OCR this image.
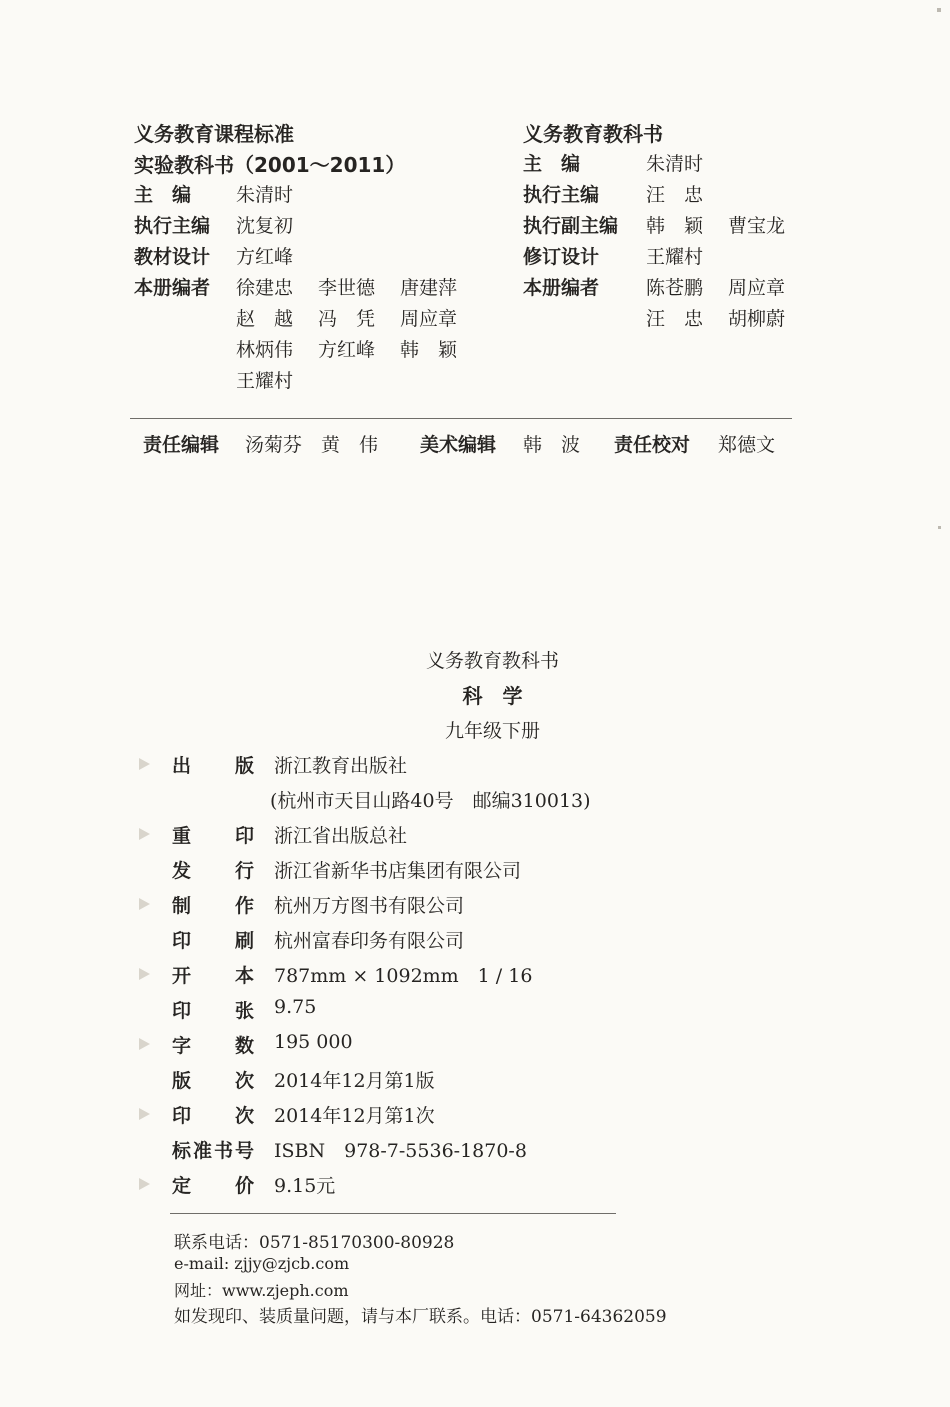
义务教育课程标准
实验教科书（2001～2011）
主　编 朱清时
执行主编 沈复初
教材设计 方红峰
本册编者 徐建忠 李世德 唐建萍
赵　越 冯　凭 周应章
林炳伟 方红峰 韩　颖
王耀村
义务教育教科书
主　编	朱清时
执行主编 汪　忠
执行副主编 韩　颖 曹宝龙
修订设计 王耀村
本册编者 陈苍鹏 周应章
汪　忠 胡柳蔚
责任编辑 汤菊芬　黄　伟 美术编辑 韩　波 责任校对 郑德文
义务教育教科书
科　学
九年级下册
出　版 浙江教育出版社
(杭州市天目山路40号　邮编310013)
重　印 浙江省出版总社
发　行 浙江省新华书店集团有限公司
制　作 杭州万方图书有限公司
印　刷 杭州富春印务有限公司
开　本 787mm × 1092mm　1 / 16
印　张 9.75
字　数 195 000
版　次 2014年12月第1版
印　次 2014年12月第1次
标准书号 ISBN　978-7-5536-1870-8
定　价 9.15元
联系电话：0571-85170300-80928
e-mail: zjjy@zjcb.com
网址：www.zjeph.com
如发现印、装质量问题，请与本厂联系。电话：0571-64362059
